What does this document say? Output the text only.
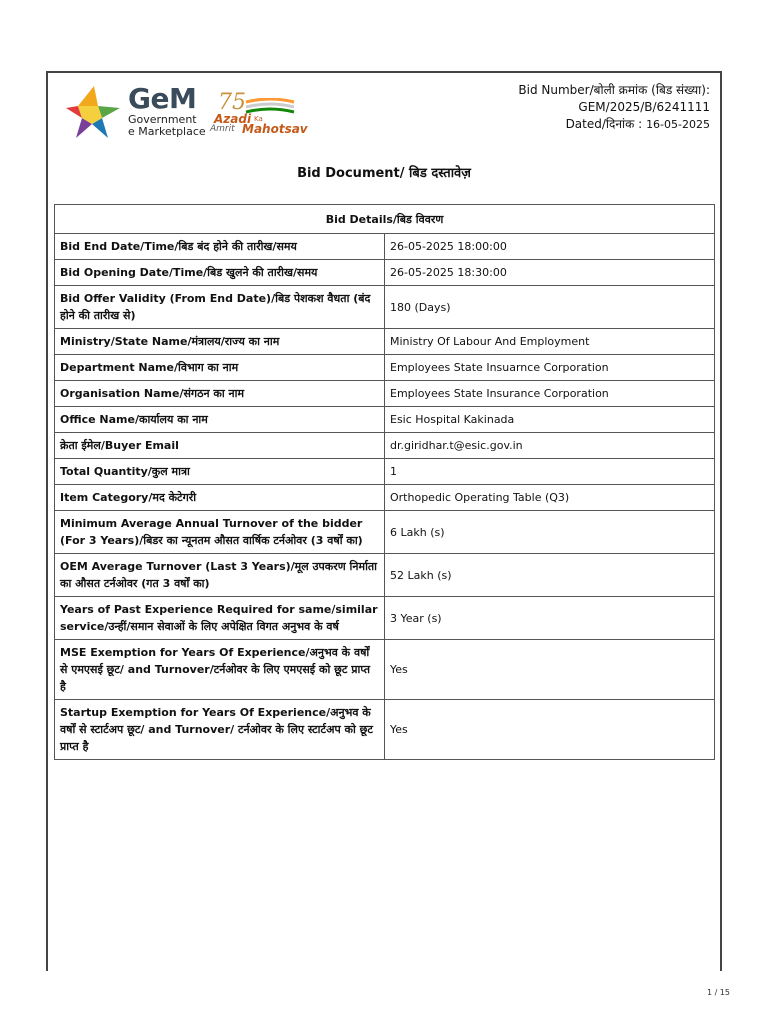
GeM
Government
e Marketplace
75
Azadi Ka
Amrit Mahotsav
Bid Number/बोली क्रमांक (बिड संख्या):
GEM/2025/B/6241111
Dated/दिनांक : 16-05-2025
Bid Document/ बिड दस्तावेज़
Bid Details/बिड विवरण	
Bid End Date/Time/बिड बंद होने की तारीख/समय	26-05-2025 18:00:00
Bid Opening Date/Time/बिड खुलने की तारीख/समय	26-05-2025 18:30:00
Bid Offer Validity (From End Date)/बिड पेशकश वैधता (बंद होने की तारीख से)	180 (Days)
Ministry/State Name/मंत्रालय/राज्य का नाम	Ministry Of Labour And Employment
Department Name/विभाग का नाम	Employees State Insuarnce Corporation
Organisation Name/संगठन का नाम	Employees State Insurance Corporation
Office Name/कार्यालय का नाम	Esic Hospital Kakinada
क्रेता ईमेल/Buyer Email	dr.giridhar.t@esic.gov.in
Total Quantity/कुल मात्रा	1
Item Category/मद केटेगरी	Orthopedic Operating Table (Q3)
Minimum Average Annual Turnover of the bidder (For 3 Years)/बिडर का न्यूनतम औसत वार्षिक टर्नओवर (3 वर्षों का)	6 Lakh (s)
OEM Average Turnover (Last 3 Years)/मूल उपकरण निर्माता का औसत टर्नओवर (गत 3 वर्षों का)	52 Lakh (s)
Years of Past Experience Required for same/similar service/उन्हीं/समान सेवाओं के लिए अपेक्षित विगत अनुभव के वर्ष	3 Year (s)
MSE Exemption for Years Of Experience/अनुभव के वर्षों से एमएसई छूट/ and Turnover/टर्नओवर के लिए एमएसई को छूट प्राप्त है	Yes
Startup Exemption for Years Of Experience/अनुभव के वर्षों से स्टार्टअप छूट/ and Turnover/ टर्नओवर के लिए स्टार्टअप को छूट प्राप्त है	Yes
1 / 15
